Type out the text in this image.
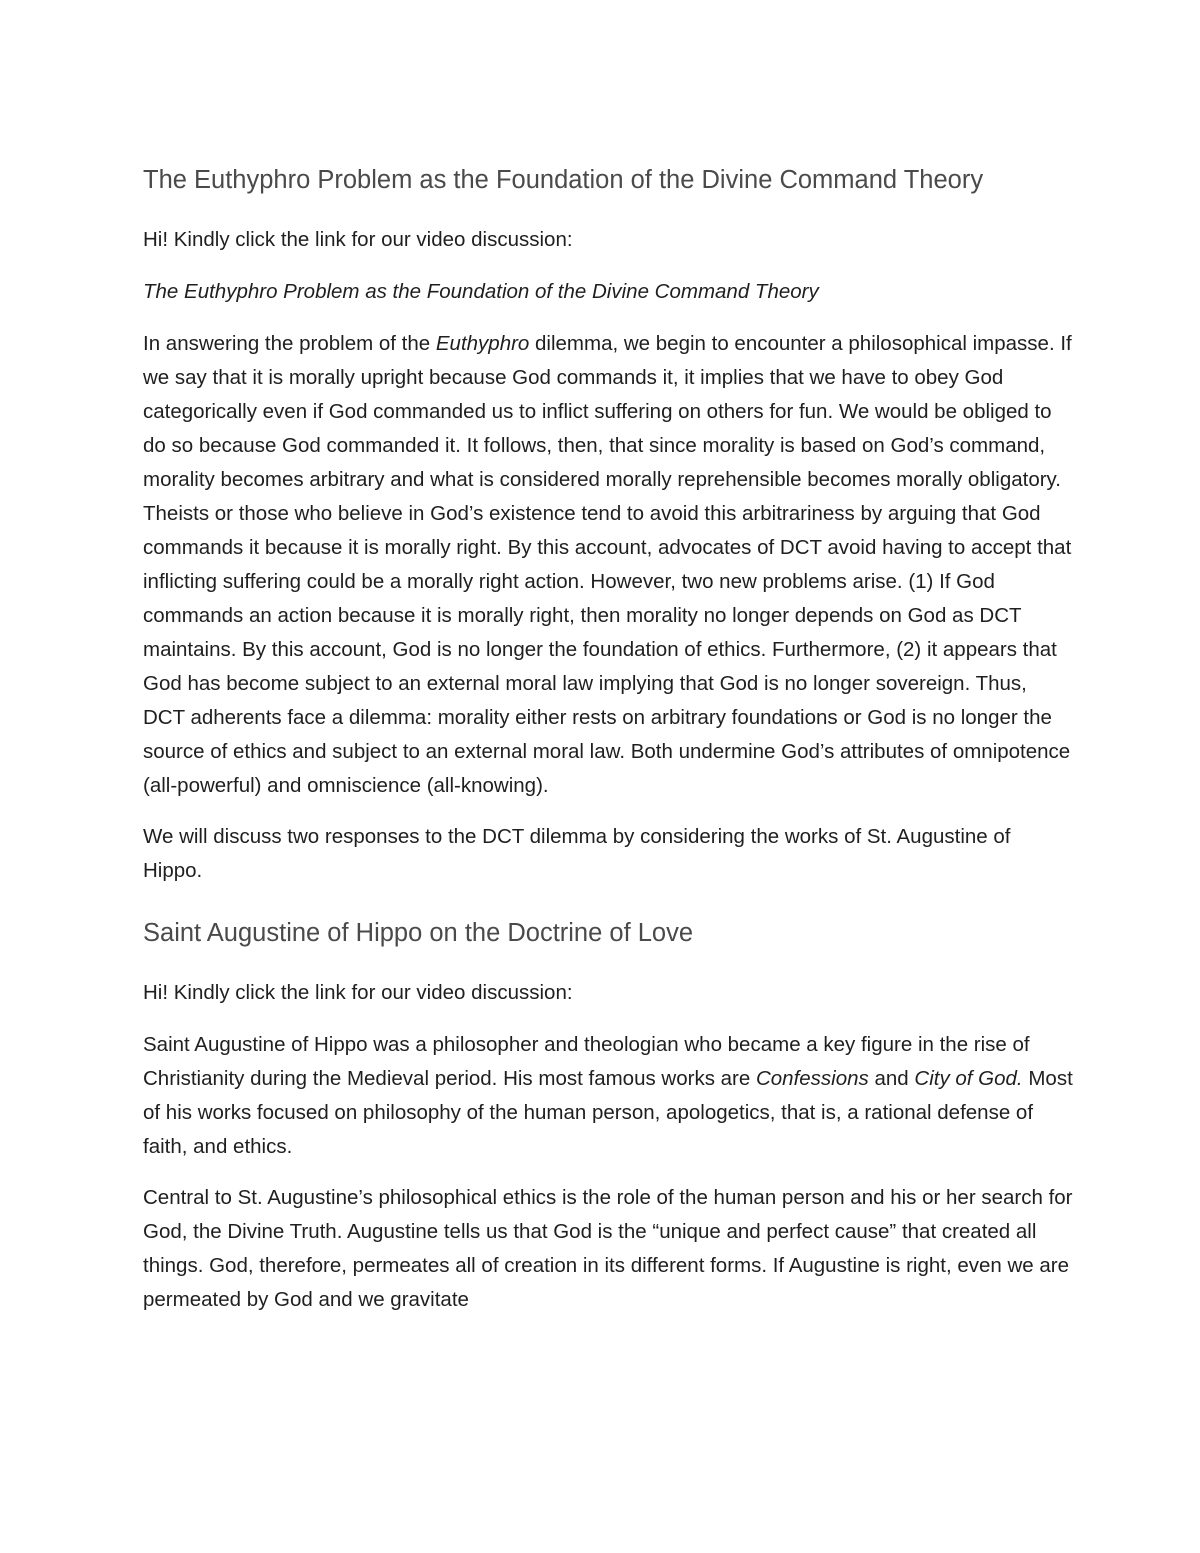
The Euthyphro Problem as the Foundation of the Divine Command Theory

Hi! Kindly click the link for our video discussion:

The Euthyphro Problem as the Foundation of the Divine Command Theory

In answering the problem of the Euthyphro dilemma, we begin to encounter a philosophical impasse. If we say that it is morally upright because God commands it, it implies that we have to obey God categorically even if God commanded us to inflict suffering on others for fun. We would be obliged to do so because God commanded it. It follows, then, that since morality is based on God’s command, morality becomes arbitrary and what is considered morally reprehensible becomes morally obligatory. Theists or those who believe in God’s existence tend to avoid this arbitrariness by arguing that God commands it because it is morally right. By this account, advocates of DCT avoid having to accept that inflicting suffering could be a morally right action. However, two new problems arise. (1) If God commands an action because it is morally right, then morality no longer depends on God as DCT maintains. By this account, God is no longer the foundation of ethics. Furthermore, (2) it appears that God has become subject to an external moral law implying that God is no longer sovereign. Thus, DCT adherents face a dilemma: morality either rests on arbitrary foundations or God is no longer the source of ethics and subject to an external moral law. Both undermine God’s attributes of omnipotence (all-powerful) and omniscience (all-knowing).

We will discuss two responses to the DCT dilemma by considering the works of St. Augustine of Hippo.

Saint Augustine of Hippo on the Doctrine of Love

Hi! Kindly click the link for our video discussion:

Saint Augustine of Hippo was a philosopher and theologian who became a key figure in the rise of Christianity during the Medieval period. His most famous works are Confessions and City of God. Most of his works focused on philosophy of the human person, apologetics, that is, a rational defense of faith, and ethics.

Central to St. Augustine’s philosophical ethics is the role of the human person and his or her search for God, the Divine Truth. Augustine tells us that God is the “unique and perfect cause” that created all things. God, therefore, permeates all of creation in its different forms. If Augustine is right, even we are permeated by God and we gravitate
